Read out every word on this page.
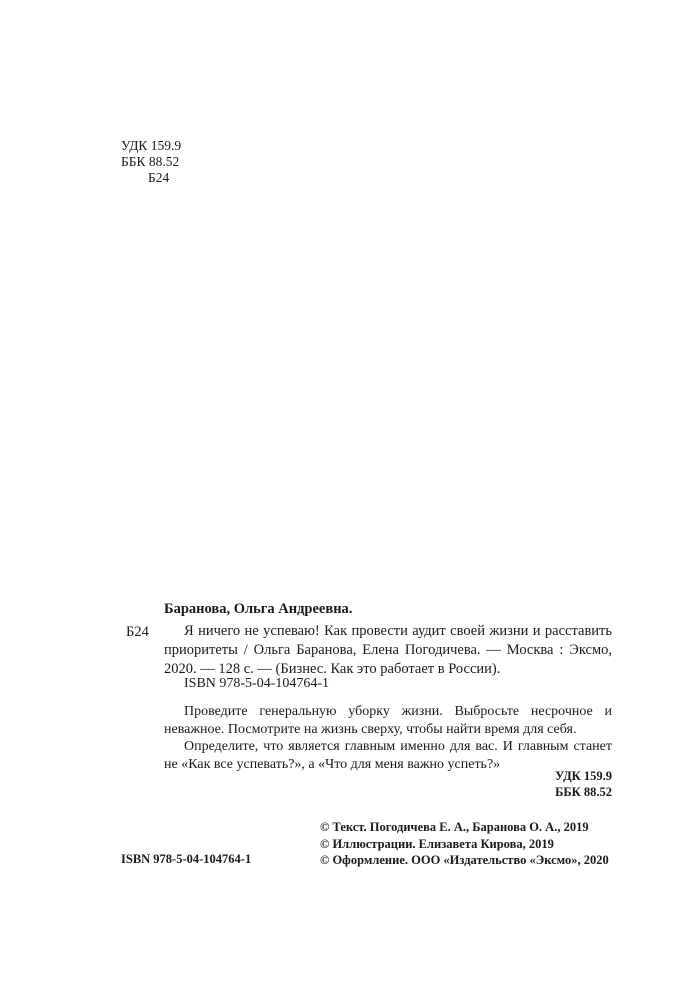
УДК 159.9
ББК 88.52
Б24
Баранова, Ольга Андреевна.
Б24	Я ничего не успеваю! Как провести аудит своей жизни и расставить приоритеты / Ольга Баранова, Елена Погодичева. — Москва : Эксмо, 2020. — 128 с. — (Бизнес. Как это работает в России).

ISBN 978-5-04-104764-1

Проведите генеральную уборку жизни. Выбросьте несрочное и неважное. Посмотрите на жизнь сверху, чтобы найти время для себя.

Определите, что является главным именно для вас. И главным станет не «Как все успевать?», а «Что для меня важно успеть?»

УДК 159.9
ББК 88.52
© Текст. Погодичева Е. А., Баранова О. А., 2019
© Иллюстрации. Елизавета Кирова, 2019
© Оформление. ООО «Издательство «Эксмо», 2020
ISBN 978-5-04-104764-1
